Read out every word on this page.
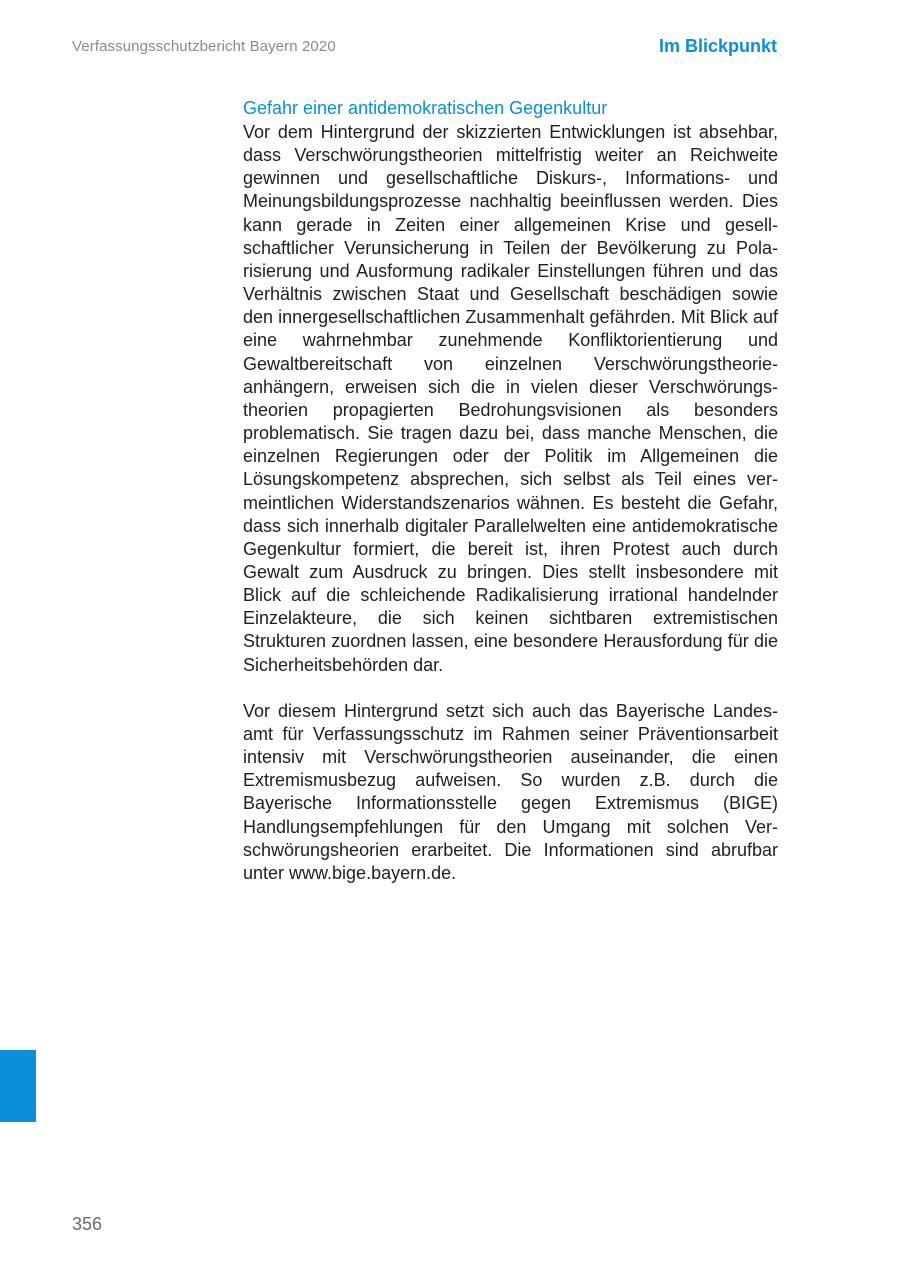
Verfassungsschutzbericht Bayern 2020	Im Blickpunkt
Gefahr einer antidemokratischen Gegenkultur

Vor dem Hintergrund der skizzierten Entwicklungen ist absehbar, dass Verschwörungstheorien mittelfristig weiter an Reichweite gewinnen und gesellschaftliche Diskurs-, Informations- und Meinungsbildungsprozesse nachhaltig beeinflussen werden. Dies kann gerade in Zeiten einer allgemeinen Krise und gesellschaftlicher Verunsicherung in Teilen der Bevölkerung zu Polarisierung und Ausformung radikaler Einstellungen führen und das Verhältnis zwischen Staat und Gesellschaft beschädigen sowie den innergesellschaftlichen Zusammenhalt gefährden. Mit Blick auf eine wahrnehmbar zunehmende Konfliktorientierung und Gewaltbereitschaft von einzelnen Verschwörungstheorieanhängern, erweisen sich die in vielen dieser Verschwörungstheorien propagierten Bedrohungsvisionen als besonders problematisch. Sie tragen dazu bei, dass manche Menschen, die einzelnen Regierungen oder der Politik im Allgemeinen die Lösungskompetenz absprechen, sich selbst als Teil eines vermeintlichen Widerstandszenarios wähnen. Es besteht die Gefahr, dass sich innerhalb digitaler Parallelwelten eine antidemokratische Gegenkultur formiert, die bereit ist, ihren Protest auch durch Gewalt zum Ausdruck zu bringen. Dies stellt insbesondere mit Blick auf die schleichende Radikalisierung irrational handelnder Einzelakteure, die sich keinen sichtbaren extremistischen Strukturen zuordnen lassen, eine besondere Herausfordung für die Sicherheitsbehörden dar.

Vor diesem Hintergrund setzt sich auch das Bayerische Landesamt für Verfassungsschutz im Rahmen seiner Präventionsarbeit intensiv mit Verschwörungstheorien auseinander, die einen Extremismusbezug aufweisen. So wurden z.B. durch die Bayerische Informationsstelle gegen Extremismus (BIGE) Handlungsempfehlungen für den Umgang mit solchen Verschwörungsheorien erarbeitet. Die Informationen sind abrufbar unter www.bige.bayern.de.

356
